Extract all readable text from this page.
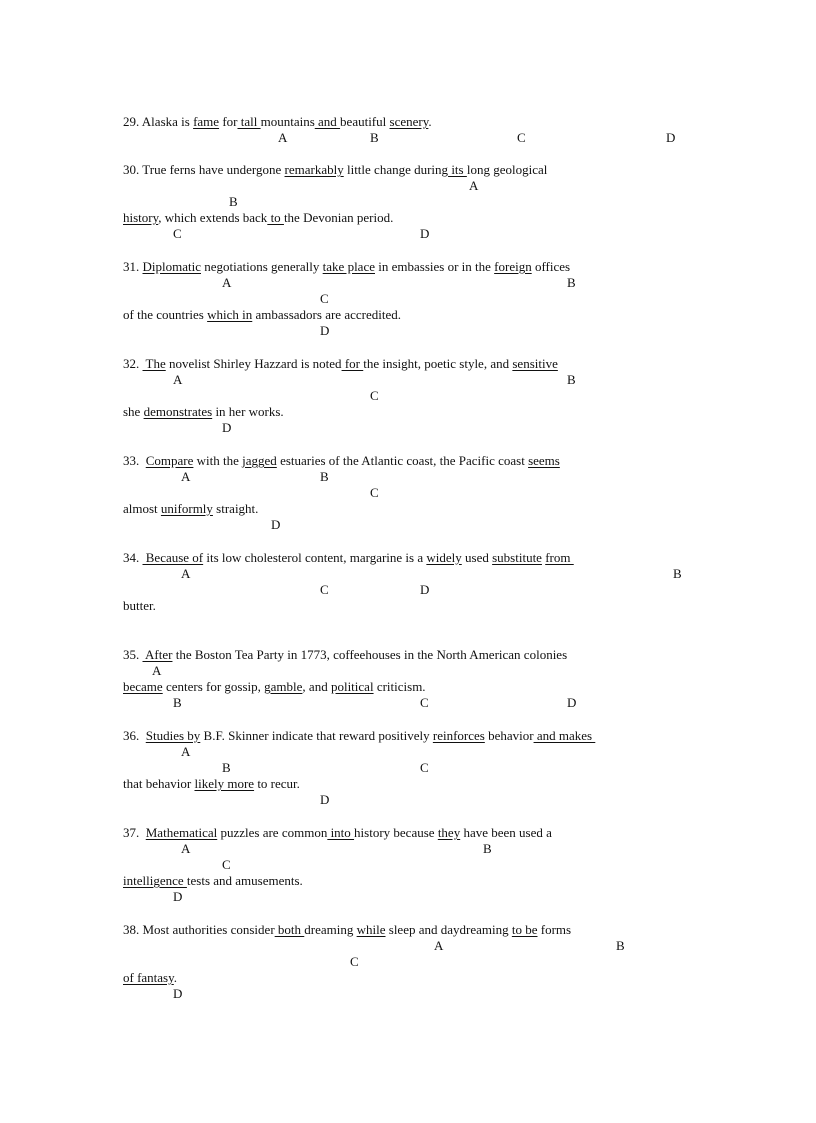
29. Alaska is fame for tall mountains and beautiful scenery.
A	B	C	D
30. True ferns have undergone remarkably little change during its long geological
history, which extends back to the Devonian period.
A
B
C	D
31. Diplomatic negotiations generally take place in embassies or in the foreign offices
of the countries which in ambassadors are accredited.
A	B
C
D
32.  The novelist Shirley Hazzard is noted for the insight, poetic style, and sensitive
she demonstrates in her works.
A	B
C
D
33.  Compare with the jagged estuaries of the Atlantic coast, the Pacific coast seems
almost uniformly straight.
A	B
C
D
34.  Because of its low cholesterol content, margarine is a widely used substitute from
butter.
A	B
C	D
35.  After the Boston Tea Party in 1773, coffeehouses in the North American colonies
became centers for gossip, gamble, and political criticism.
A
B	C	D
36.  Studies by B.F. Skinner indicate that reward positively reinforces behavior and makes
that behavior likely more to recur.
A
B	C
D
37.  Mathematical puzzles are common into history because they have been used a
intelligence tests and amusements.
A	B
C
D
38. Most authorities consider both dreaming while sleep and daydreaming to be forms
of fantasy.
A	B
C
D
